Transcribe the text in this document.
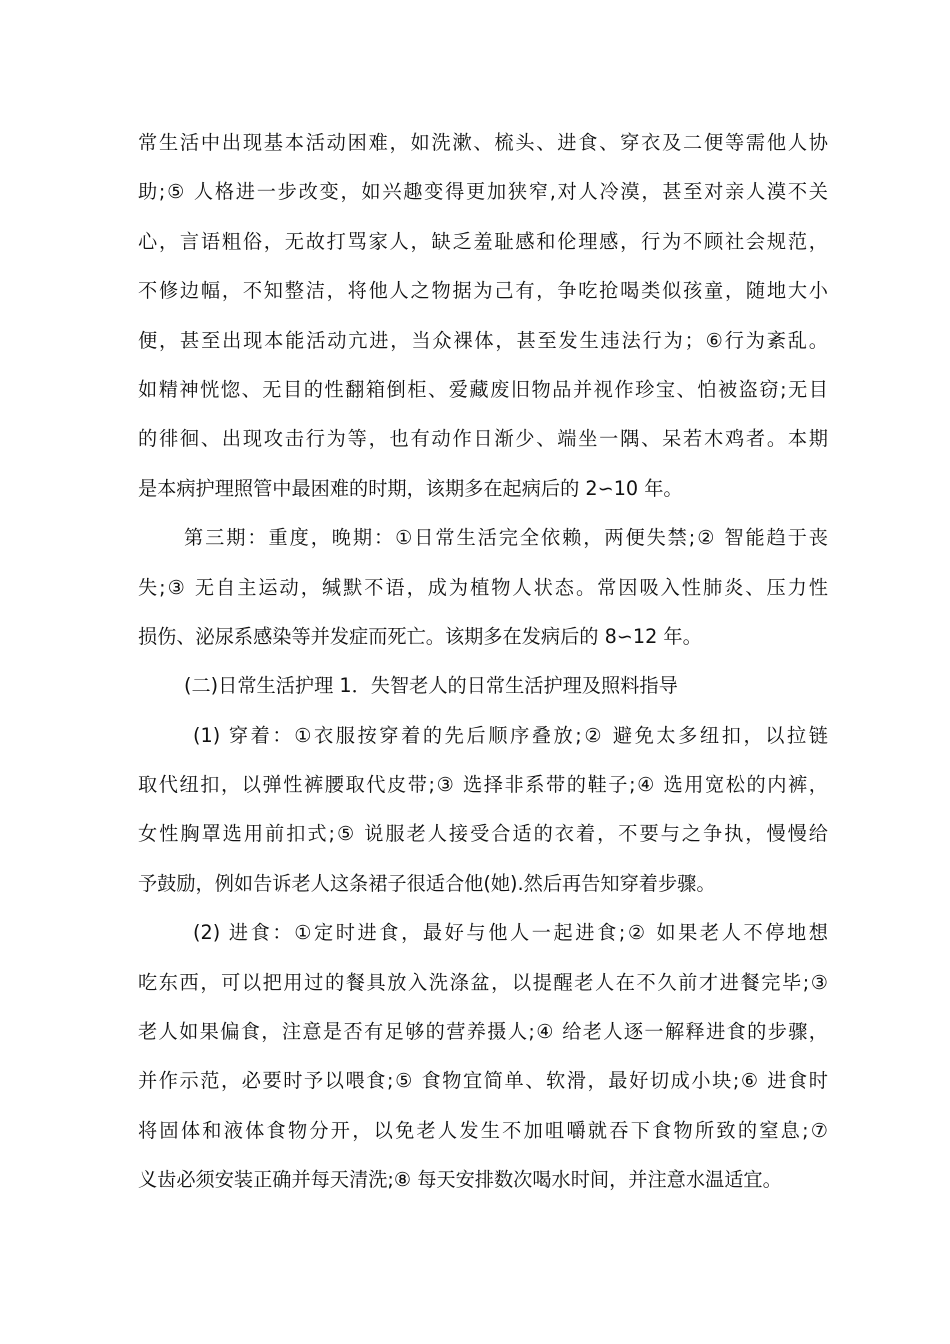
常生活中出现基本活动困难，如洗漱、梳头、进食、穿衣及二便等需他人协
助;⑤ 人格进一步改变，如兴趣变得更加狭窄,对人冷漠，甚至对亲人漠不关
心，言语粗俗，无故打骂家人，缺乏羞耻感和伦理感，行为不顾社会规范，
不修边幅，不知整洁，将他人之物据为己有，争吃抢喝类似孩童，随地大小
便，甚至出现本能活动亢进，当众裸体，甚至发生违法行为；⑥行为紊乱。
如精神恍惚、无目的性翻箱倒柜、爱藏废旧物品并视作珍宝、怕被盗窃;无目
的徘徊、出现攻击行为等，也有动作日渐少、端坐一隅、呆若木鸡者。本期
是本病护理照管中最困难的时期，该期多在起病后的 2∽10 年。
第三期：重度，晚期：①日常生活完全依赖，两便失禁;② 智能趋于丧
失;③ 无自主运动，缄默不语，成为植物人状态。常因吸入性肺炎、压力性
损伤、泌尿系感染等并发症而死亡。该期多在发病后的 8∽12 年。
(二)日常生活护理 1．失智老人的日常生活护理及照料指导
(1) 穿着：①衣服按穿着的先后顺序叠放;② 避免太多纽扣，以拉链
取代纽扣，以弹性裤腰取代皮带;③ 选择非系带的鞋子;④ 选用宽松的内裤，
女性胸罩选用前扣式;⑤ 说服老人接受合适的衣着，不要与之争执，慢慢给
予鼓励，例如告诉老人这条裙子很适合他(她).然后再告知穿着步骤。
(2) 进食：①定时进食，最好与他人一起进食;② 如果老人不停地想
吃东西，可以把用过的餐具放入洗涤盆，以提醒老人在不久前才进餐完毕;③
老人如果偏食，注意是否有足够的营养摄人;④ 给老人逐一解释进食的步骤，
并作示范，必要时予以喂食;⑤ 食物宜简单、软滑，最好切成小块;⑥ 进食时
将固体和液体食物分开，以免老人发生不加咀嚼就吞下食物所致的窒息;⑦
义齿必须安装正确并每天清洗;⑧ 每天安排数次喝水时间，并注意水温适宜。
